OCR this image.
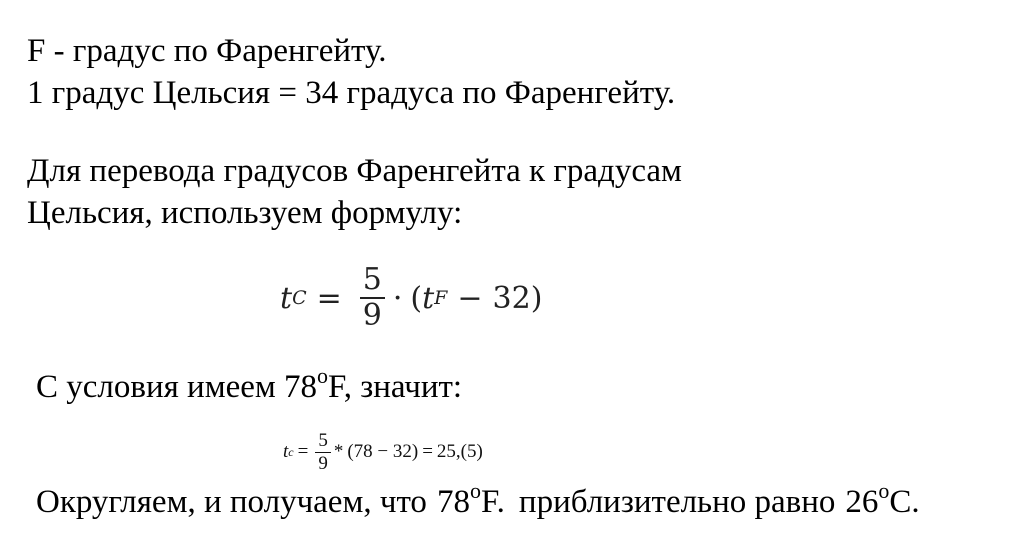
F - градус по Фаренгейту.
1 градус Цельсия = 34 градуса по Фаренгейту.
Для перевода градусов Фаренгейта к градусам
Цельсия, используем формулу:
t $C = \frac{5}{9}$ · ( t F − 32 )
С условия имеем 78$^o$F, значит:
t $c = \frac{5}{9} * (78 - 32) = 25,(5)$
Округляем, и получаем, что 78$^o$F. приблизительно равно 26$^o$C.
